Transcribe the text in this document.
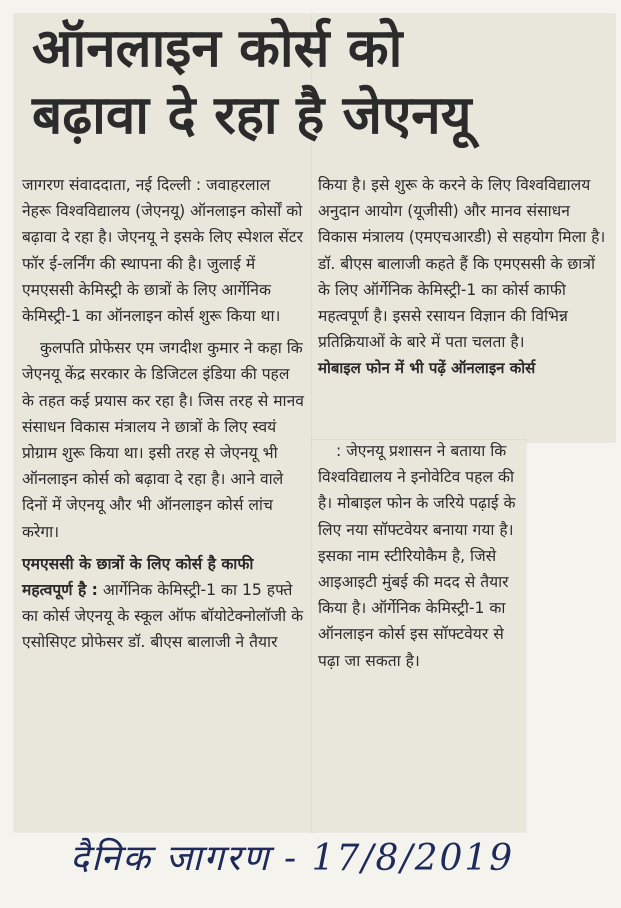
ऑनलाइन कोर्स को
बढ़ावा दे रहा है जेएनयू

जागरण संवाददाता, नई दिल्ली : जवाहरलाल नेहरू विश्वविद्यालय (जेएनयू) ऑनलाइन कोर्सों को बढ़ावा दे रहा है। जेएनयू ने इसके लिए स्पेशल सेंटर फॉर ई-लर्निंग की स्थापना की है। जुलाई में एमएससी केमिस्ट्री के छात्रों के लिए आर्गेनिक केमिस्ट्री-1 का ऑनलाइन कोर्स शुरू किया था।

कुलपति प्रोफेसर एम जगदीश कुमार ने कहा कि जेएनयू केंद्र सरकार के डिजिटल इंडिया की पहल के तहत कई प्रयास कर रहा है। जिस तरह से मानव संसाधन विकास मंत्रालय ने छात्रों के लिए स्वयं प्रोग्राम शुरू किया था। इसी तरह से जेएनयू भी ऑनलाइन कोर्स को बढ़ावा दे रहा है। आने वाले दिनों में जेएनयू और भी ऑनलाइन कोर्स लांच करेगा।

एमएससी के छात्रों के लिए कोर्स है काफी महत्वपूर्ण है : आर्गेनिक केमिस्ट्री-1 का 15 हफ्ते का कोर्स जेएनयू के स्कूल ऑफ बॉयोटेक्नोलॉजी के एसोसिएट प्रोफेसर डॉ. बीएस बालाजी ने तैयार

किया है। इसे शुरू के करने के लिए विश्वविद्यालय अनुदान आयोग (यूजीसी) और मानव संसाधन विकास मंत्रालय (एमएचआरडी) से सहयोग मिला है। डॉ. बीएस बालाजी कहते हैं कि एमएससी के छात्रों के लिए ऑर्गेनिक केमिस्ट्री-1 का कोर्स काफी महत्वपूर्ण है। इससे रसायन विज्ञान की विभिन्न प्रतिक्रियाओं के बारे में पता चलता है।

मोबाइल फोन में भी पढ़ें ऑनलाइन कोर्स

: जेएनयू प्रशासन ने बताया कि विश्वविद्यालय ने इनोवेटिव पहल की है। मोबाइल फोन के जरिये पढ़ाई के लिए नया सॉफ्टवेयर बनाया गया है। इसका नाम स्टीरियोकैम है, जिसे आइआइटी मुंबई की मदद से तैयार किया है। ऑर्गेनिक केमिस्ट्री-1 का ऑनलाइन कोर्स इस सॉफ्टवेयर से पढ़ा जा सकता है।

दैनिक जागरण - 17/8/2019
